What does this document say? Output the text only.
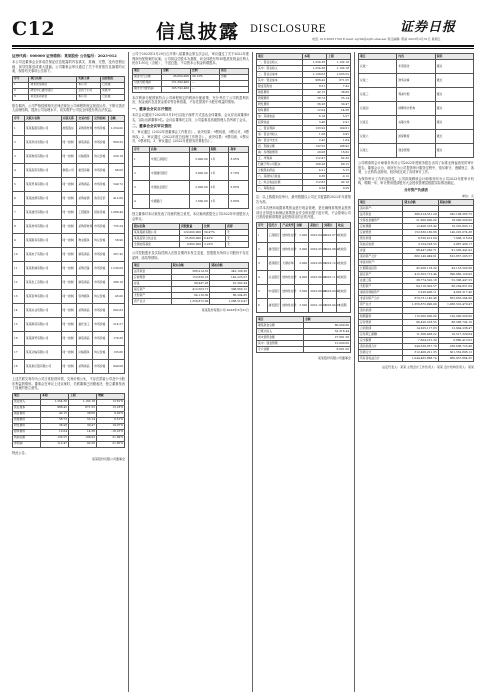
C12	信息披露 DISCLOSURE	证券日报
电话: 010-83251700 E-mail: zqrb9@zqrb.sina.net 责任编辑: 陈丽 2023年3月31日 星期五
证券代码：000000 证券简称：某某股份 公告编号：2023-012
本公司及董事会全体成员保证信息披露的内容真实、准确、完整，没有虚假记载、误导性陈述或重大遗漏。公司董事会审议通过了关于年度报告及摘要的议案，现将有关事项公告如下。
序号	项目名称	实施主体	进展情况
1	技术改造项目	本公司	已完成
2	研发中心建设项目	全资子公司	实施中
3	补充流动资金	本公司	已完成
报告期内，公司严格按照相关法律法规及公司章程的规定规范运作，不断完善法人治理结构，提高公司治理水平，切实维护公司及全体股东的合法权益。
序号	关联方名称	关联关系	交易内容	定价原则	金额
1	某某集团有限公司	控股股东	采购原材料	市场价格	1,250.00
2	某某科技有限公司	同一控制	销售商品	市场价格	860.35
3	某某物流有限公司	同一控制	运输服务	协议价格	320.18
4	某某投资有限公司	参股公司	租赁房屋	市场价格	96.00
5	某某贸易有限公司	同一控制	采购商品	市场价格	540.72
6	某某能源有限公司	同一控制	采购能源	政府定价	412.60
7	某某建设有限公司	同一控制	工程服务	招标价格	1,088.40
8	某某材料有限公司	同一控制	采购原材料	市场价格	735.29
9	某某服务有限公司	同一控制	物业服务	协议价格	58.90
10	某某电子有限公司	同一控制	销售商品	市场价格	267.45
11	某某机械有限公司	同一控制	采购设备	市场价格	1,530.00
12	某某化工有限公司	同一控制	销售商品	市场价格	388.16
13	某某咨询有限公司	同一控制	咨询服务	协议价格	45.00
14	某某实业有限公司	同一控制	采购商品	市场价格	602.83
15	某某制造有限公司	同一控制	委托加工	市场价格	214.57
16	某某商贸有限公司	同一控制	销售商品	市场价格	179.30
17	某某运输有限公司	同一控制	运输服务	协议价格	133.66
18	某某供应链有限公司	同一控制	采购商品	市场价格	940.08
上述关联交易均为公司日常经营所需，交易价格公允，不存在损害公司及中小股东利益的情形。董事会在审议上述议案时，关联董事已回避表决，独立董事发表了同意的独立意见。
项目	本期	上期	增减
营业收入	1,254.36	1,102.18	13.81%
营业成本	986.42	871.55	13.18%
销售费用	42.15	38.60	9.20%
管理费用	58.73	55.14	6.51%
研发费用	36.28	30.47	19.07%
财务费用	12.04	14.36	-16.16%
利润总额	132.55	108.92	21.69%
净利润	112.47	92.30	21.85%
特此公告。
某某股份有限公司董事会
公司于2023年3月29日召开第八届董事会第五次会议，审议通过了关于2022年度利润分配预案的议案。公司拟以总股本为基数，向全体股东每10股派发现金红利人民币1.50元（含税），不送红股，不以资本公积金转增股本。
项目	金额	比例	备注
现金分红总额	45,600,000	30.12%	含税
可供分配利润	151,392,460	—	
期末未分配利润	105,792,460	—	
本次利润分配预案符合公司章程规定的利润分配政策，充分考虑了公司的盈利状况、现金流状态及资金需求等各种因素，不存在损害中小股东利益的情形。
一、董事会会议召开情况
本次会议通知于2023年3月19日以电子邮件方式送达全体董事，会议应出席董事9名，实际出席董事9名。会议由董事长主持，公司监事及高级管理人员列席了会议。
二、董事会会议审议情况
1、审议通过《2022年度董事会工作报告》。表决结果：9票同意，0票反对，0票弃权。2、审议通过《2022年度总经理工作报告》。表决结果：9票同意，0票反对，0票弃权。3、审议通过《2022年度财务决算报告》。
序号	名称	金额	期限	利率
1	中国工商银行	5,000.00	1年	3.65%
2	中国建设银行	3,000.00	1年	3.70%
3	中国农业银行	2,000.00	2年	3.85%
4	交通银行	1,500.00	1年	3.60%
独立董事对本议案发表了同意的独立意见，本议案尚需提交公司2022年年度股东大会审议。
股东名称	持股数量	比例	质押
某某集团有限公司	120,000,000	39.47%	无
某某投资合伙企业	25,600,000	8.42%	无
全国社保基金	9,800,000	3.22%	无
公司控股股东及实际控制人在报告期内未发生变更，控股股东所持公司股份不存在质押、冻结等情形。
项目	期末余额	期初余额
货币资金	386,214.55	342,108.36
应收账款	152,630.18	140,225.07
存货	98,447.26	91,302.44
固定资产	412,503.71	398,660.12
无形资产	64,118.30	66,204.85
资产总计	1,356,872.09	1,268,510.47
某某股份有限公司 2023年3月31日
项目	本期	上期
一、营业总收入	1,254.36	1,102.18
其中：营业收入	1,254.36	1,102.18
二、营业总成本	1,128.63	1,003.52
其中：营业成本	986.42	871.55
税金及附加	8.31	7.42
销售费用	42.15	38.60
管理费用	58.73	55.14
研发费用	36.28	30.47
财务费用	12.04	14.36
加：其他收益	6.18	5.27
投资收益	3.46	2.91
三、营业利润	133.92	109.61
加：营业外收入	1.08	0.95
减：营业外支出	2.45	1.64
四、利润总额	132.55	108.92
减：所得税费用	20.08	16.62
五、净利润	112.47	92.30
归属于母公司股东	108.26	89.15
少数股东损益	4.21	3.15
六、其他综合收益	0.36	-0.12
七、综合收益总额	112.83	92.18
八、每股收益	0.36	0.29
注：以上数据未经审计，最终数据以公司正式披露的2022年年度报告为准。
公司本次使用闲置募集资金进行现金管理，是在确保募集资金投资项目正常进行和保证募集资金安全的前提下进行的，不会影响公司日常经营和募集资金投资项目的正常开展。
序号	受托方	产品类型	金额	起始日	到期日	收益
1	工商银行	结构性存款	5,000	2022.04.01	2022.07.01	已收回
2	建设银行	结构性存款	3,000	2022.05.10	2022.08.10	已收回
3	招商银行	大额存单	2,000	2022.06.15	2022.12.15	已收回
4	兴业银行	结构性存款	4,000	2022.08.01	2022.11.01	已收回
5	中信银行	结构性存款	3,500	2022.09.20	2023.03.20	已收回
6	浦发银行	结构性存款	2,500	2022.10.12	2023.04.12	未到期
项目	金额
募集资金总额	80,000.00
已累计投入	52,318.44
尚未使用金额	27,681.56
其中：现金管理	21,000.00
专户余额	6,681.56
某某股份有限公司董事会
项目	内容	说明
议案一	年度报告	通过
议案二	财务决算	通过
议案三	利润分配	通过
议案四	续聘审计机构	通过
议案五	关联交易	通过
议案六	担保额度	通过
议案七	现金管理	通过
公司聘请的会计师事务所对公司2022年度财务报告出具了标准无保留意见的审计报告。董事会认为，该所在为公司提供审计服务过程中，恪尽职守，遵循独立、客观、公正的执业准则，较好地完成了各项审计工作。
为保持审计工作的连续性，公司拟续聘该会计师事务所为公司2023年度审计机构，聘期一年，审计费用提请股东大会授权管理层根据实际情况确定。
合并资产负债表
单位：元
项目	期末余额	期初余额
流动资产：		
货币资金	386,214,551.20	342,108,363.75
交易性金融资产	21,000,000.00	18,000,000.00
应收票据	12,408,316.42	10,225,803.11
应收账款	152,630,180.66	140,225,074.38
预付款项	8,336,412.09	7,908,115.64
其他应收款	3,104,228.53	2,887,406.17
存货	98,447,260.71	91,302,441.92
流动资产合计	682,140,949.61	612,657,205.57
非流动资产：		
长期股权投资	45,206,118.30	43,118,502.66
固定资产	412,503,712.44	398,660,120.93
在建工程	38,774,520.18	52,306,447.25
无形资产	64,118,302.57	66,204,851.09
递延所得税资产	5,228,406.11	4,903,317.40
非流动资产合计	674,731,140.48	655,853,264.90
资产总计	1,356,872,090.09	1,268,510,470.47
流动负债：		
短期借款	115,000,000.00	120,000,000.00
应付账款	96,420,318.55	88,306,742.10
合同负债	14,205,117.63	12,904,238.47
应付职工薪酬	11,308,406.22	10,517,329.84
应交税费	7,604,215.39	6,880,413.05
流动负债合计	244,538,057.79	238,608,723.46
负债合计	312,406,221.35	301,552,806.12
所有者权益合计	1,044,465,868.74	966,957,664.35
法定代表人：某某 主管会计工作负责人：某某 会计机构负责人：某某
